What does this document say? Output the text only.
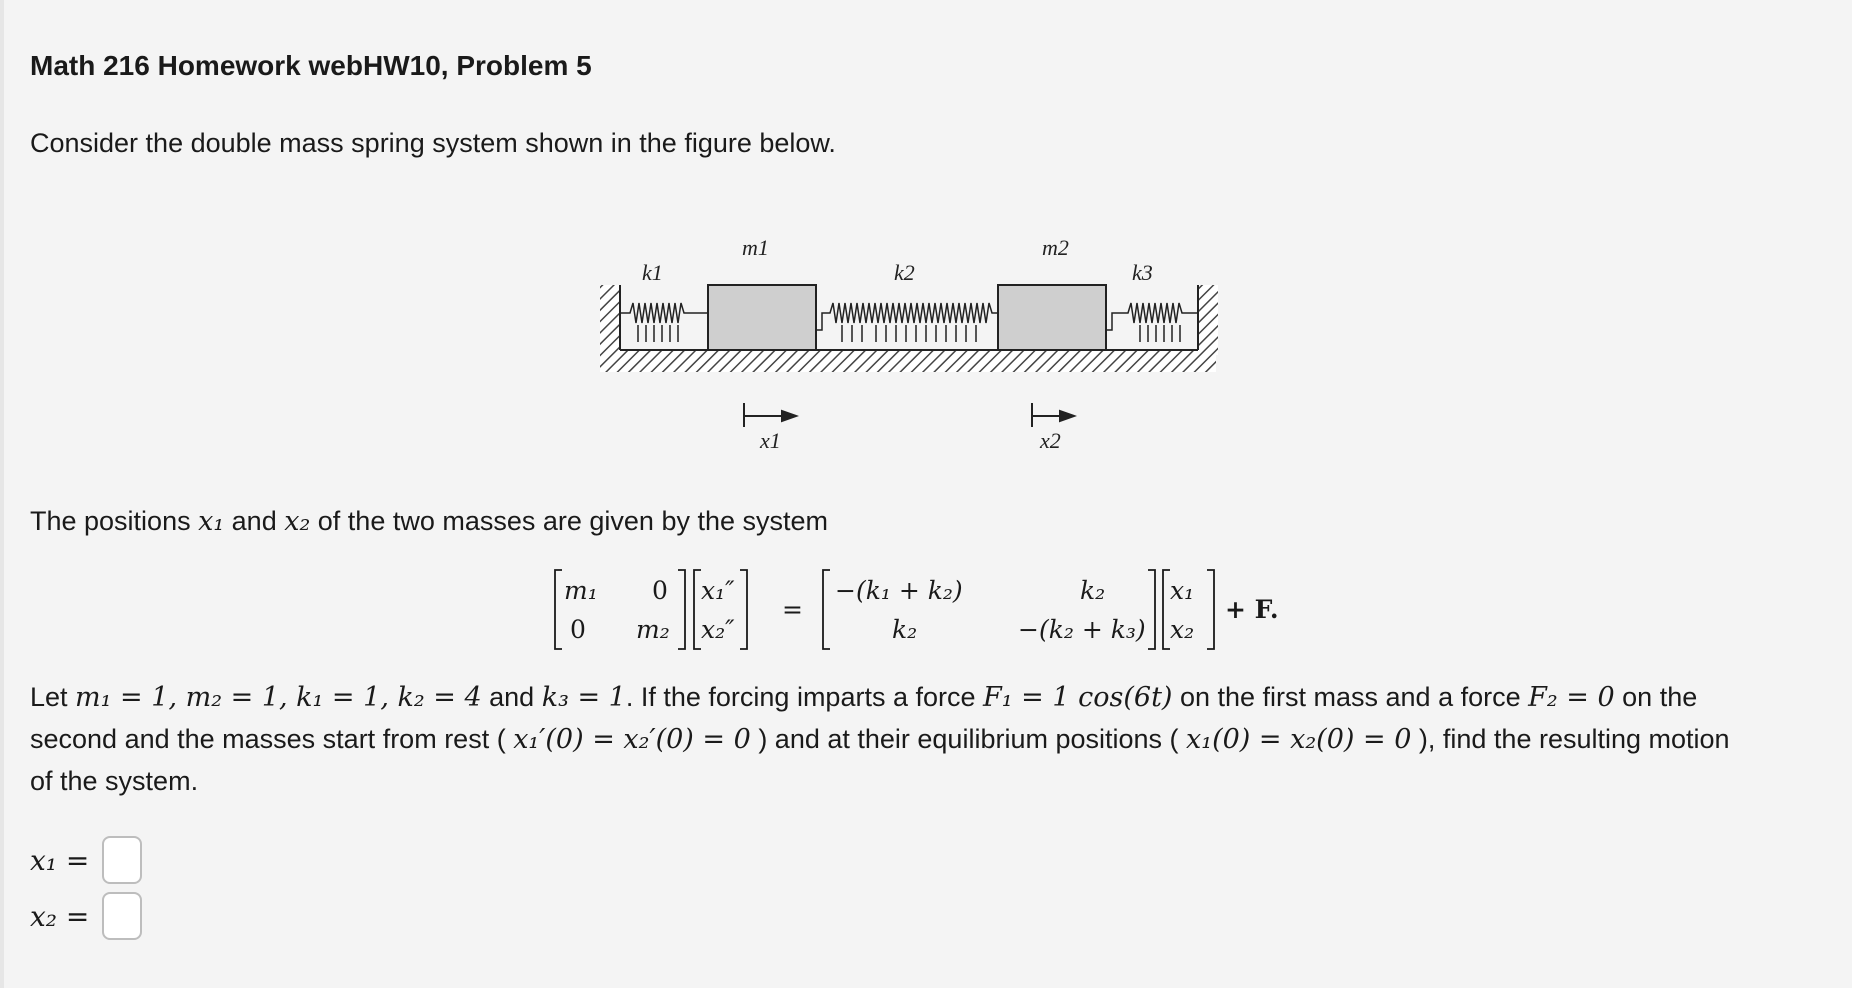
Math 216 Homework webHW10, Problem 5

Consider the double mass spring system shown in the figure below.

m1	m2
k1	k2	k3
x1	x2

The positions x₁ and x₂ of the two masses are given by the system

m₁ 0
0 m₂
x₁″
x₂″
=
−(k₁ + k₂)	k₂
k₂	−(k₂ + k₃)
x₁
x₂
+ F.

Let m₁ = 1, m₂ = 1, k₁ = 1, k₂ = 4 and k₃ = 1. If the forcing imparts a force F₁ = 1 cos(6t) on the first mass and a force F₂ = 0 on the

second and the masses start from rest ( x₁′(0) = x₂′(0) = 0 ) and at their equilibrium positions ( x₁(0) = x₂(0) = 0 ), find the resulting motion

of the system.

x₁ =
x₂ =
